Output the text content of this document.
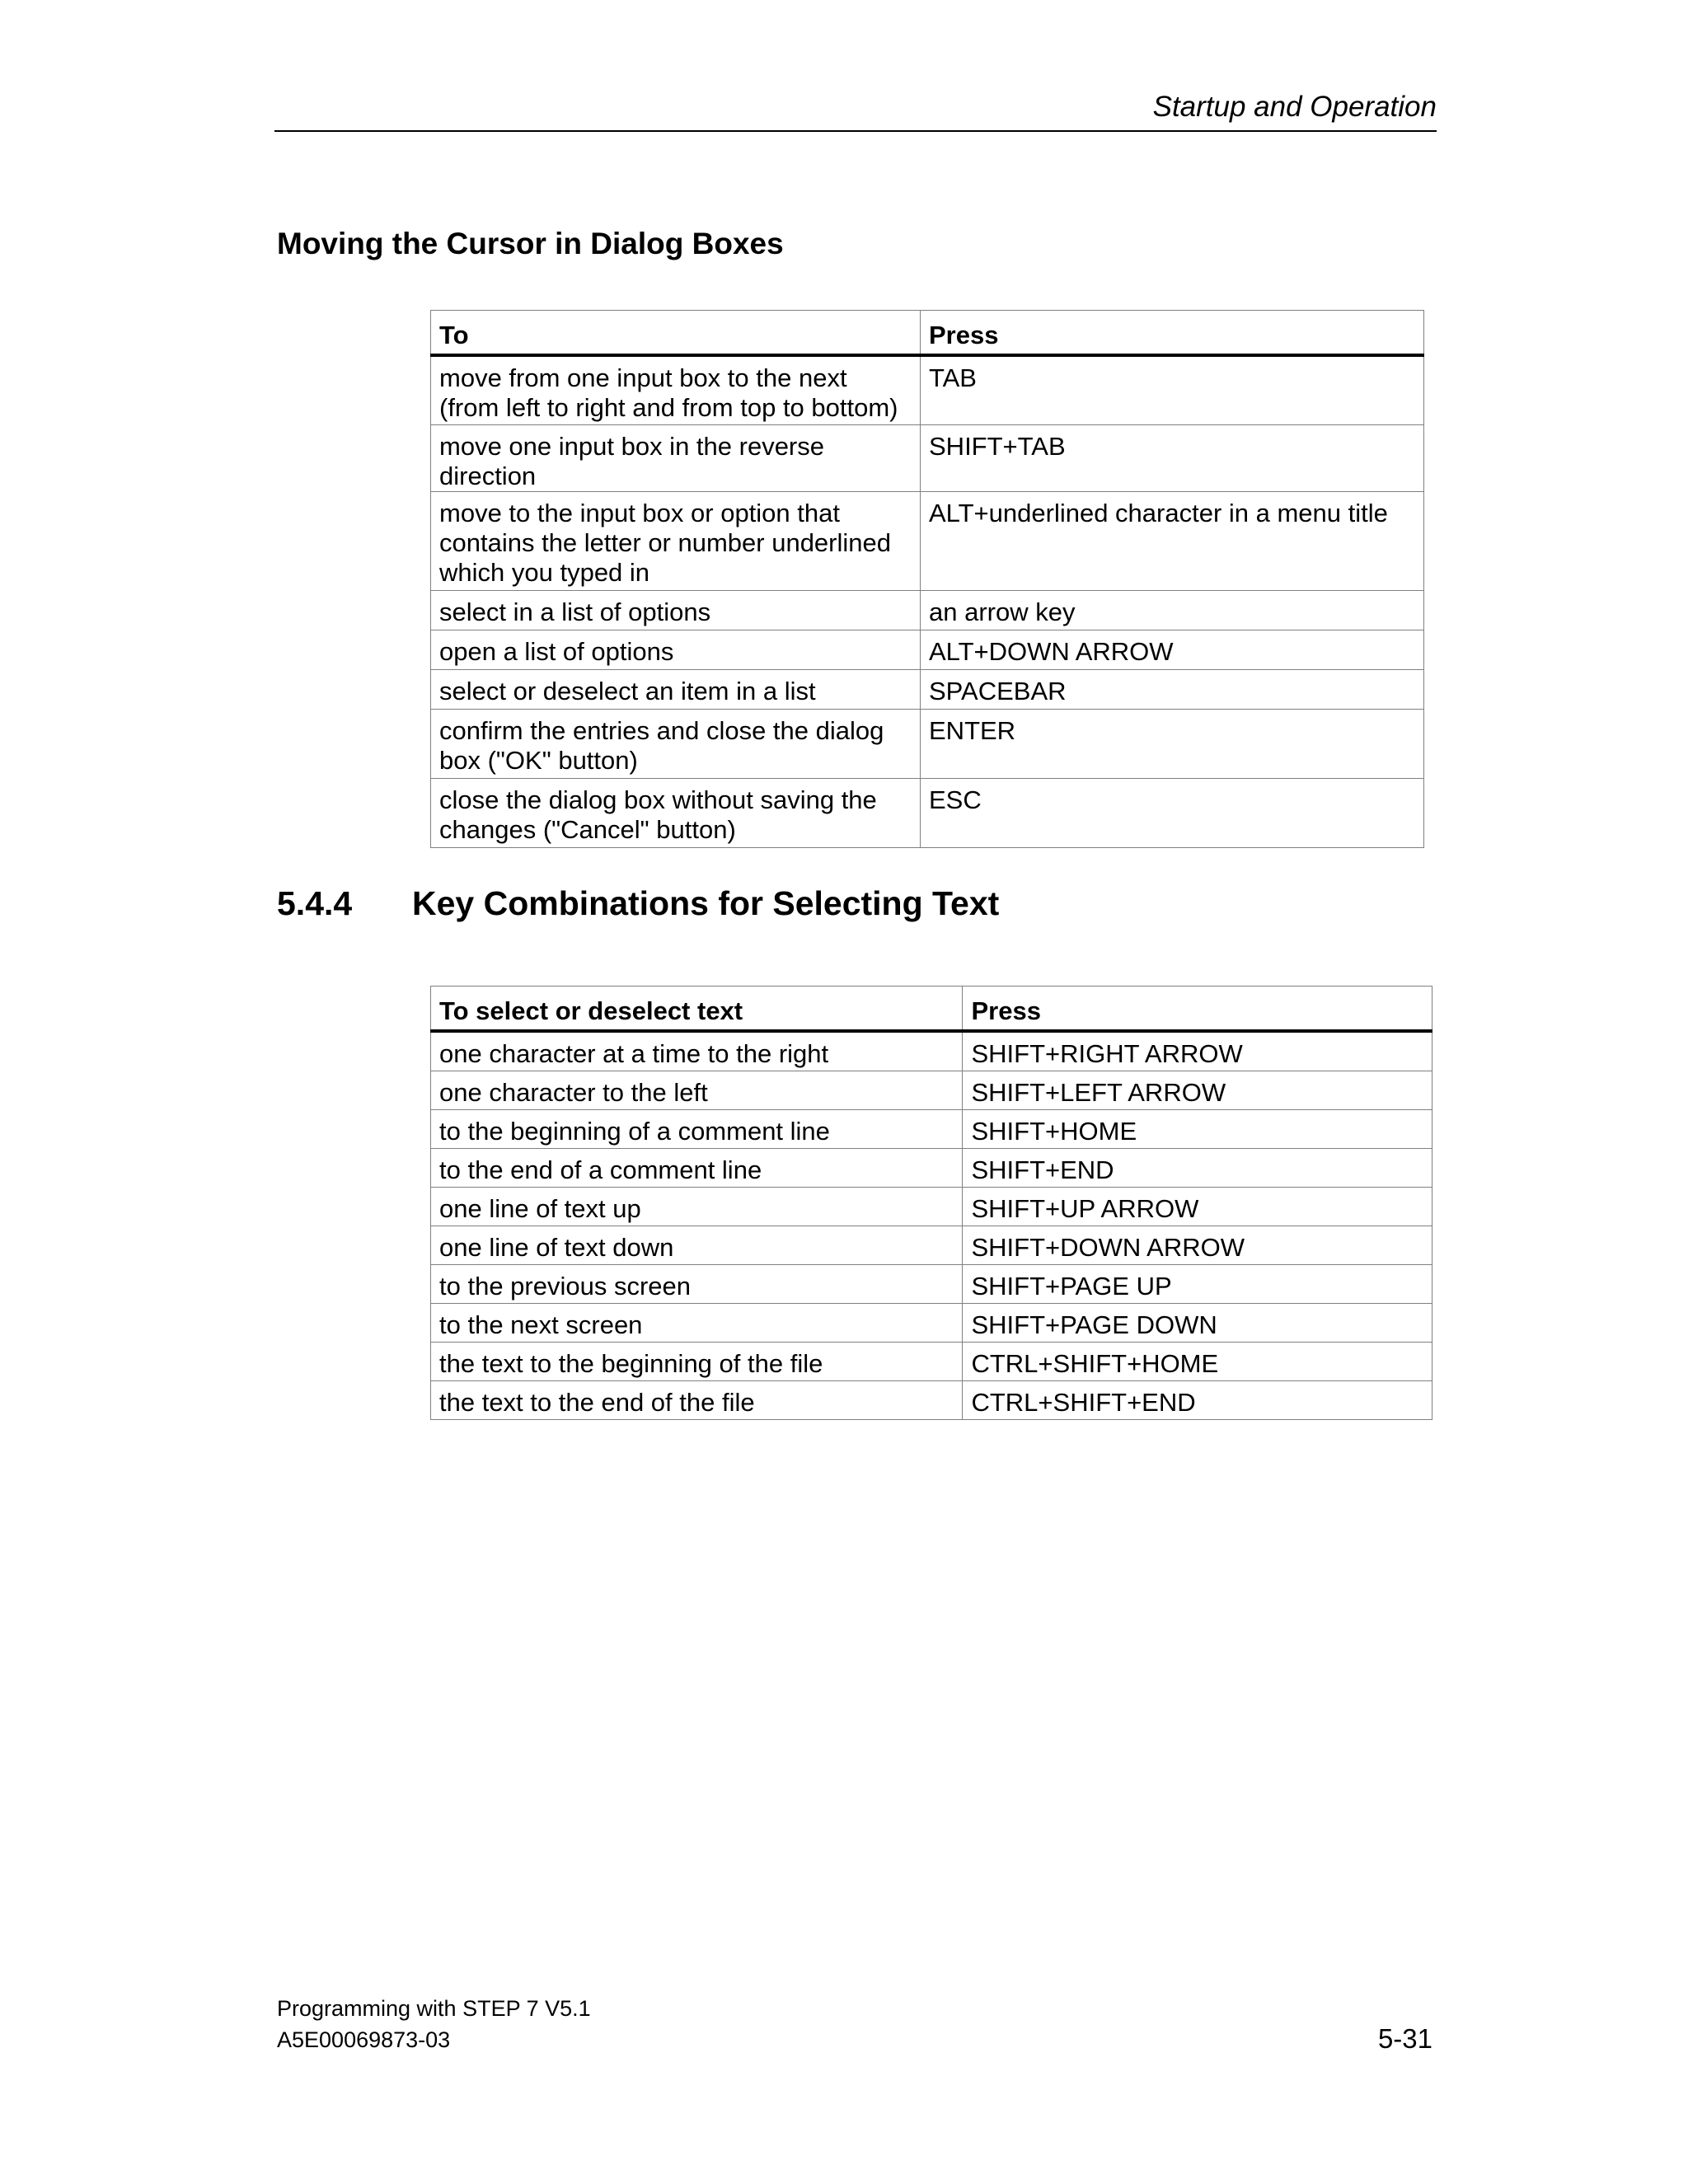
Startup and Operation
Moving the Cursor in Dialog Boxes
To	Press
move from one input box to the next (from left to right and from top to bottom)	TAB
move one input box in the reverse direction	SHIFT+TAB
move to the input box or option that contains the letter or number underlined which you typed in	ALT+underlined character in a menu title
select in a list of options	an arrow key
open a list of options	ALT+DOWN ARROW
select or deselect an item in a list	SPACEBAR
confirm the entries and close the dialog box ("OK" button)	ENTER
close the dialog box without saving the changes ("Cancel" button)	ESC
5.4.4 Key Combinations for Selecting Text
To select or deselect text	Press
one character at a time to the right	SHIFT+RIGHT ARROW
one character to the left	SHIFT+LEFT ARROW
to the beginning of a comment line	SHIFT+HOME
to the end of a comment line	SHIFT+END
one line of text up	SHIFT+UP ARROW
one line of text down	SHIFT+DOWN ARROW
to the previous screen	SHIFT+PAGE UP
to the next screen	SHIFT+PAGE DOWN
the text to the beginning of the file	CTRL+SHIFT+HOME
the text to the end of the file	CTRL+SHIFT+END
Programming with STEP 7 V5.1
A5E00069873-03	5-31
